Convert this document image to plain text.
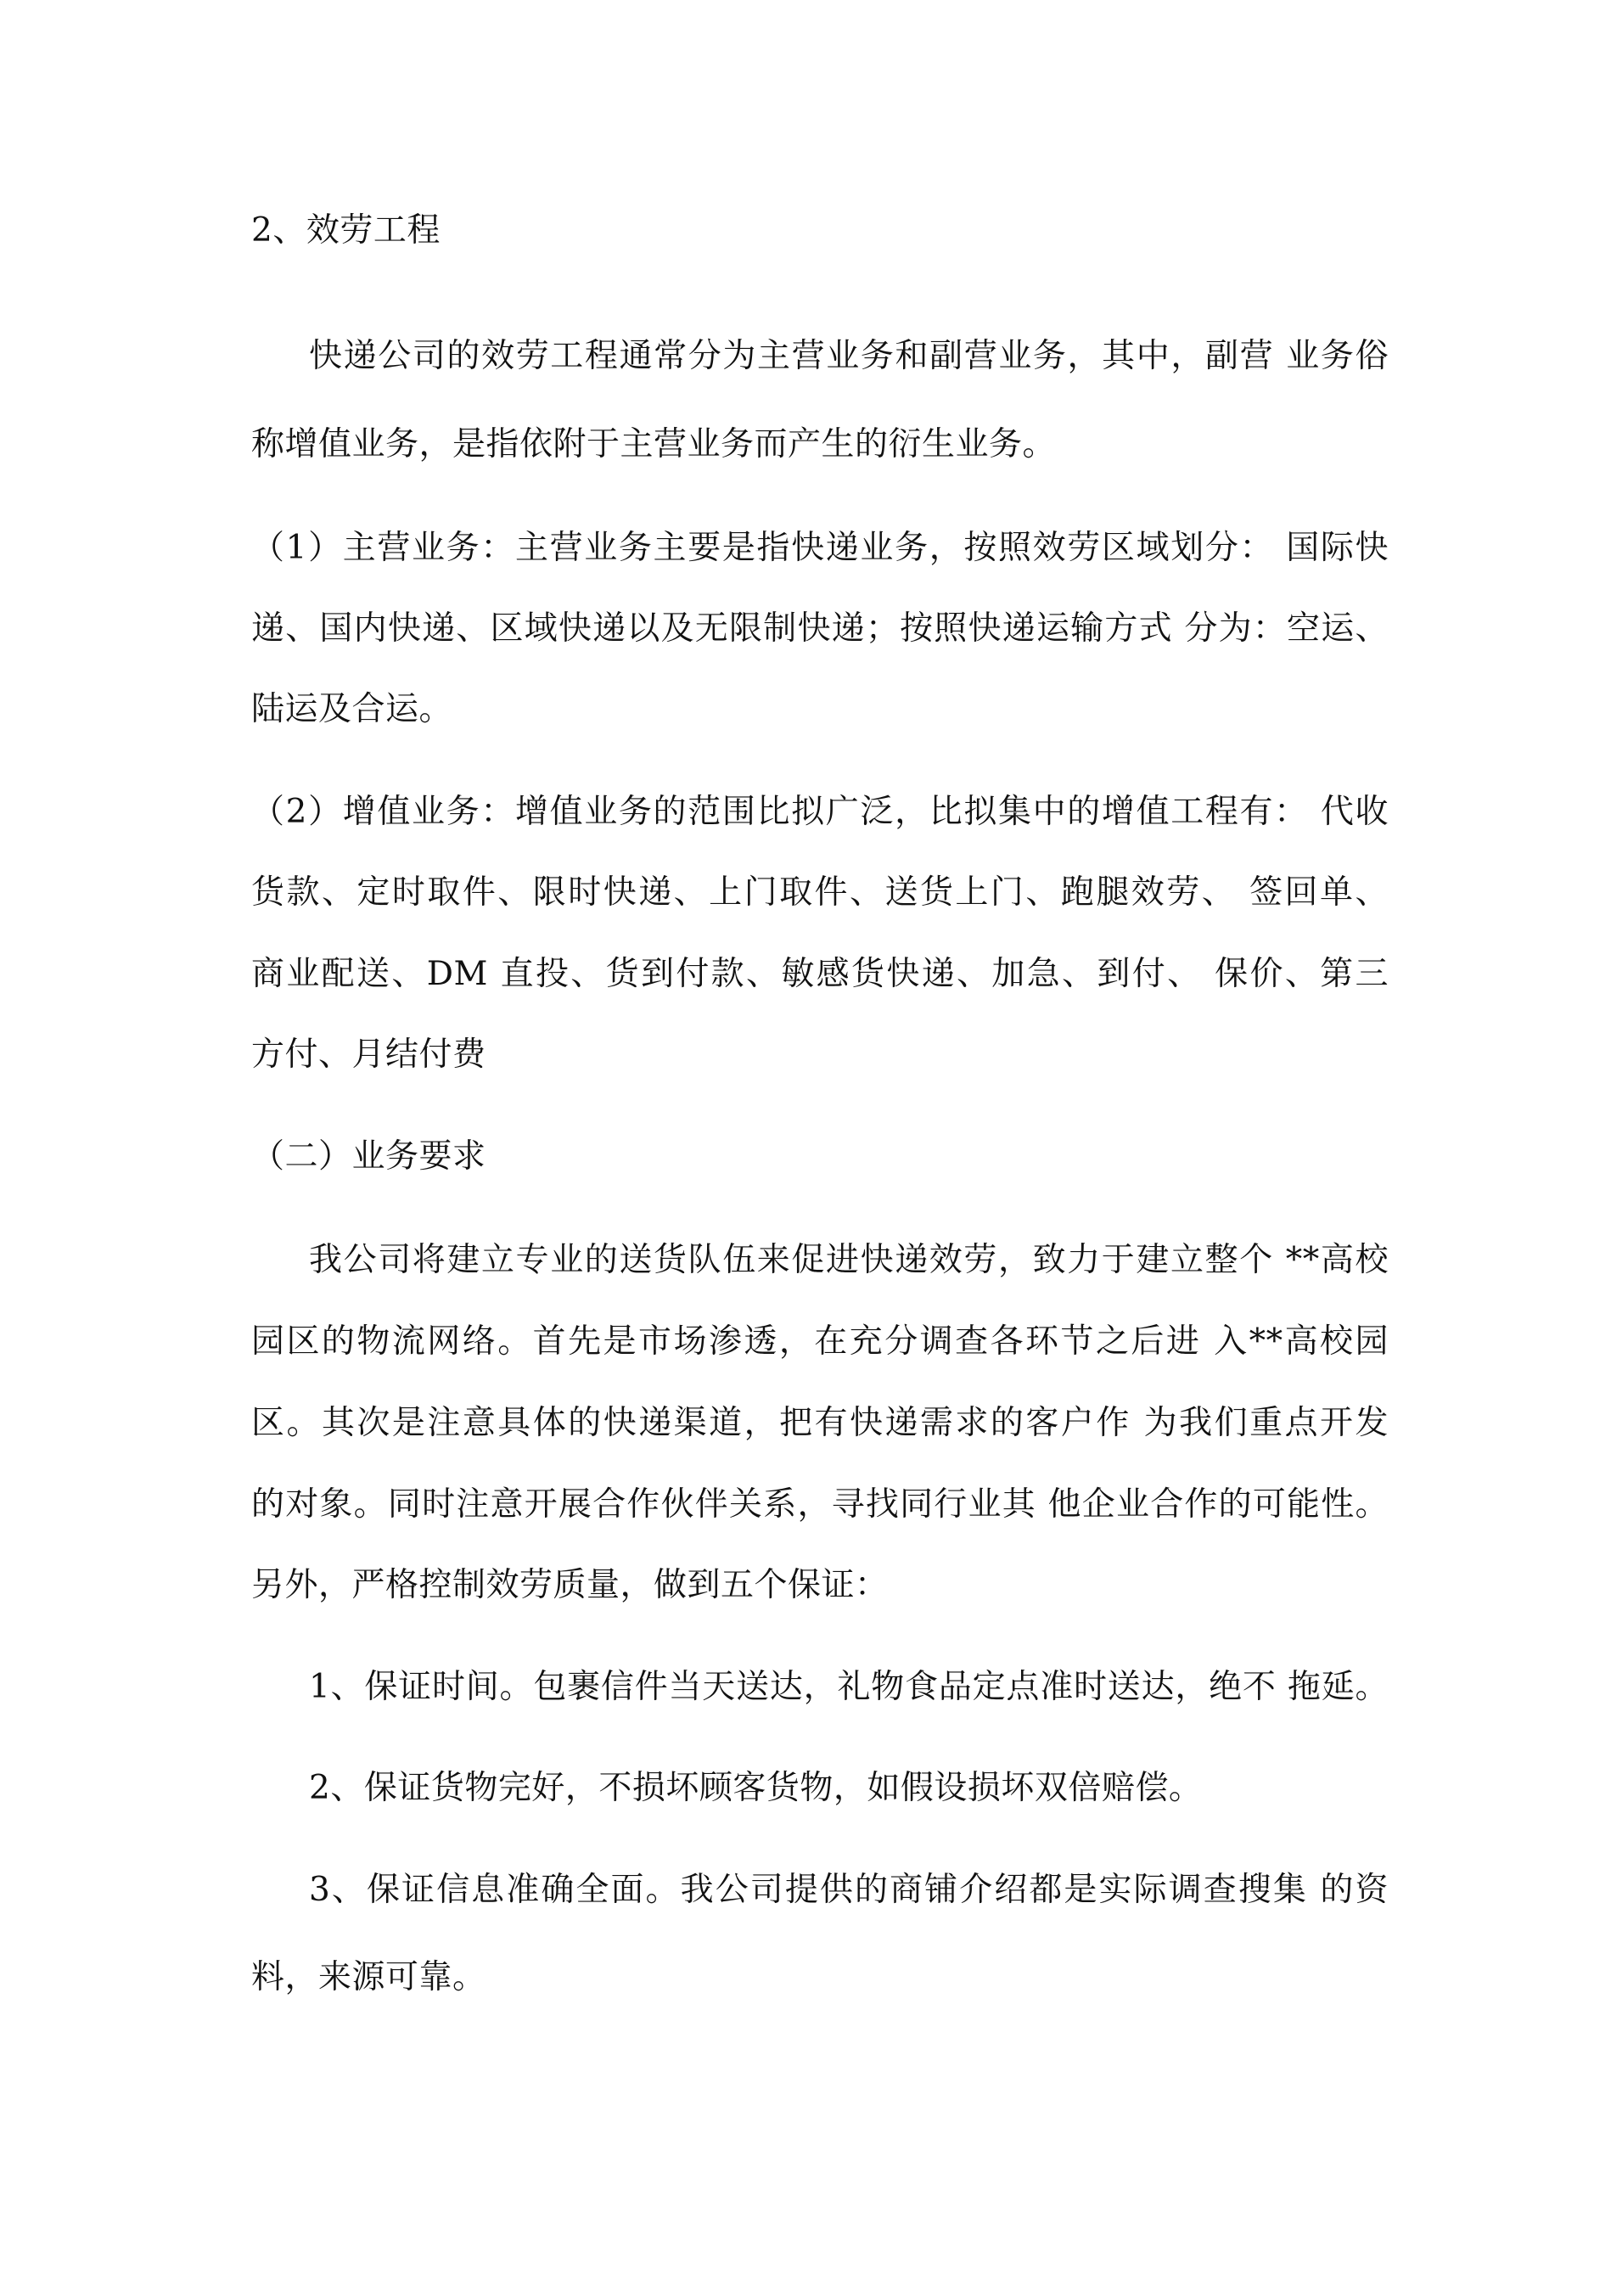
2、效劳工程
快递公司的效劳工程通常分为主营业务和副营业务，其中，副营 业务俗
称增值业务，是指依附于主营业务而产生的衍生业务。
（1）主营业务：主营业务主要是指快递业务，按照效劳区域划分： 国际快
递、国内快递、区域快递以及无限制快递；按照快递运输方式 分为：空运、
陆运及合运。
（2）增值业务：增值业务的范围比拟广泛，比拟集中的增值工程有： 代收
货款、定时取件、限时快递、上门取件、送货上门、跑腿效劳、 签回单、
商业配送、DM 直投、货到付款、敏感货快递、加急、到付、 保价、第三
方付、月结付费
（二）业务要求
我公司将建立专业的送货队伍来促进快递效劳，致力于建立整个 **高校
园区的物流网络。首先是市场渗透，在充分调查各环节之后进 入**高校园
区。其次是注意具体的快递渠道，把有快递需求的客户作 为我们重点开发
的对象。同时注意开展合作伙伴关系，寻找同行业其 他企业合作的可能性。
另外，严格控制效劳质量，做到五个保证：
1、保证时间。包裹信件当天送达，礼物食品定点准时送达，绝不 拖延。
2、保证货物完好，不损坏顾客货物，如假设损坏双倍赔偿。
3、保证信息准确全面。我公司提供的商铺介绍都是实际调查搜集 的资
料，来源可靠。
